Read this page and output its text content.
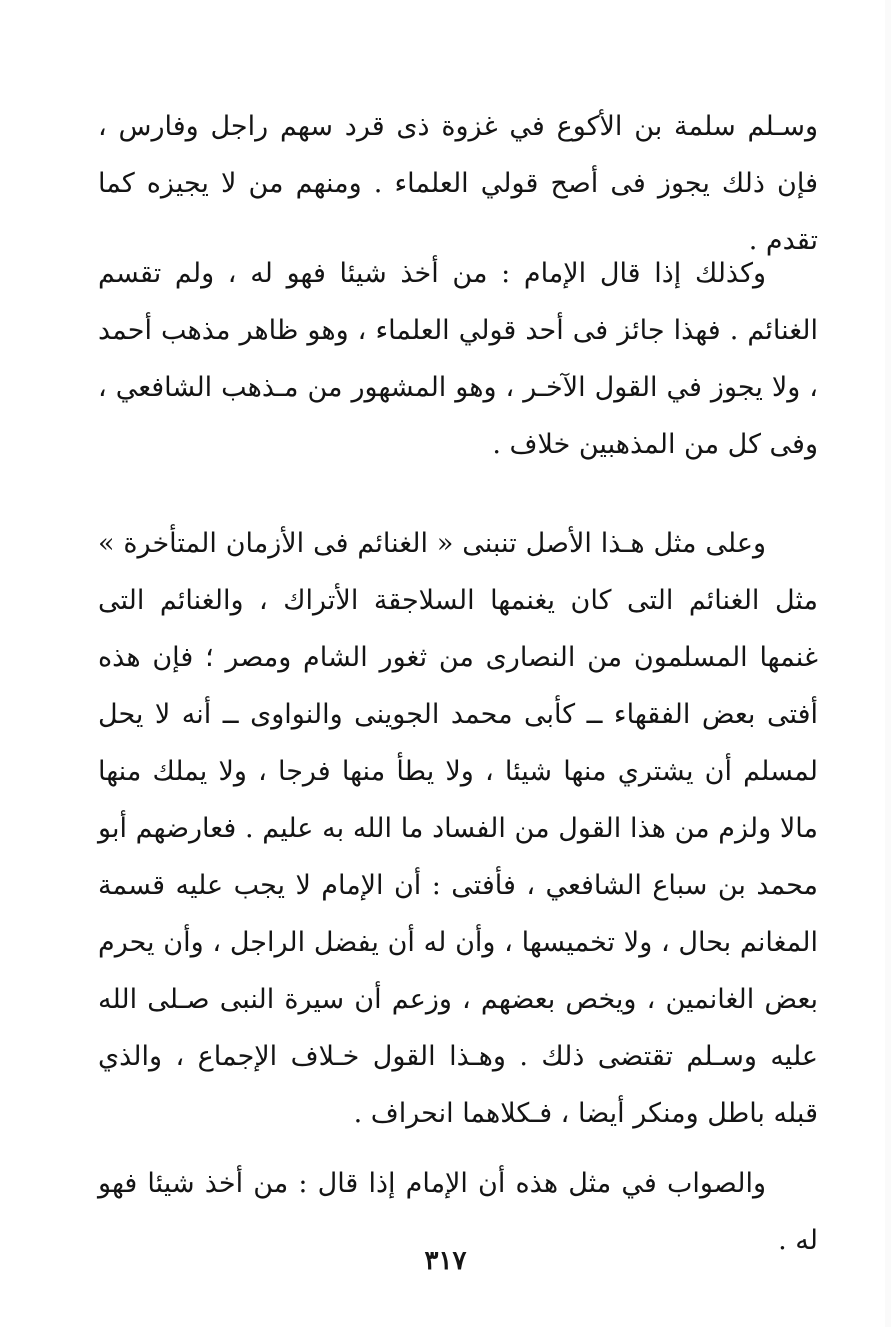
وسـلم سلمة بن الأكوع في غزوة ذى قرد سهم راجل وفارس ، فإن ذلك يجوز فى أصح قولي العلماء . ومنهم من لا يجيزه كما تقدم .

وكذلك إذا قال الإمام : من أخذ شيئا فهو له ، ولم تقسم الغنائم . فهذا جائز فى أحد قولي العلماء ، وهو ظاهر مذهب أحمد ، ولا يجوز في القول الآخـر ، وهو المشهور من مـذهب الشافعي ، وفى كل من المذهبين خلاف .

وعلى مثل هـذا الأصل تنبنى « الغنائم فى الأزمان المتأخرة » مثل الغنائم التى كان يغنمها السلاجقة الأتراك ، والغنائم التى غنمها المسلمون من النصارى من ثغور الشام ومصر ؛ فإن هذه أفتى بعض الفقهاء ــ كأبى محمد الجوينى والنواوى ــ أنه لا يحل لمسلم أن يشتري منها شيئا ، ولا يطأ منها فرجا ، ولا يملك منها مالا ولزم من هذا القول من الفساد ما الله به عليم . فعارضهم أبو محمد بن سباع الشافعي ، فأفتى : أن الإمام لا يجب عليه قسمة المغانم بحال ، ولا تخميسها ، وأن له أن يفضل الراجل ، وأن يحرم بعض الغانمين ، ويخص بعضهم ، وزعم أن سيرة النبى صـلى الله عليه وسـلم تقتضى ذلك . وهـذا القول خـلاف الإجماع ، والذي قبله باطل ومنكر أيضا ، فـكلاهما انحراف .

والصواب في مثل هذه أن الإمام إذا قال : من أخذ شيئا فهو له .

٣١٧
